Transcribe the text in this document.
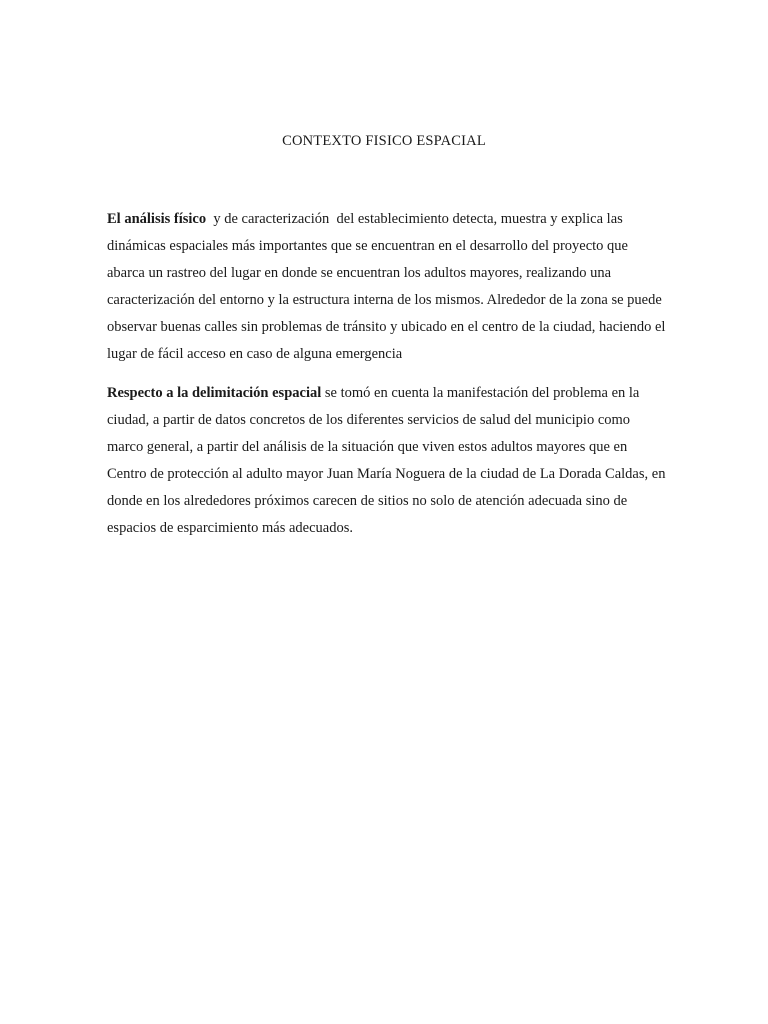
CONTEXTO FISICO ESPACIAL

El análisis físico  y de caracterización  del establecimiento detecta, muestra y explica las dinámicas espaciales más importantes que se encuentran en el desarrollo del proyecto que abarca un rastreo del lugar en donde se encuentran los adultos mayores, realizando una caracterización del entorno y la estructura interna de los mismos. Alrededor de la zona se puede observar buenas calles sin problemas de tránsito y ubicado en el centro de la ciudad, haciendo el lugar de fácil acceso en caso de alguna emergencia

Respecto a la delimitación espacial se tomó en cuenta la manifestación del problema en la ciudad, a partir de datos concretos de los diferentes servicios de salud del municipio como marco general, a partir del análisis de la situación que viven estos adultos mayores que en Centro de protección al adulto mayor Juan María Noguera de la ciudad de La Dorada Caldas, en donde en los alrededores próximos carecen de sitios no solo de atención adecuada sino de espacios de esparcimiento más adecuados.
